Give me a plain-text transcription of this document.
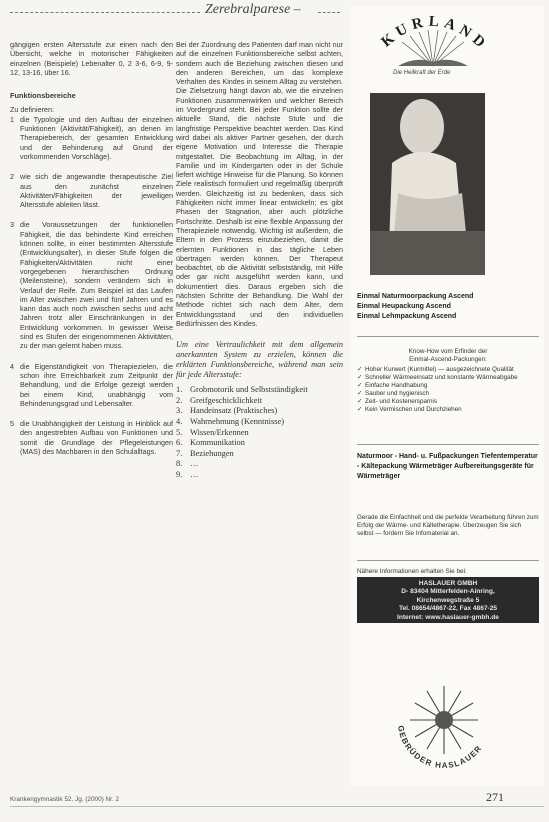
Zerebralparese –

gängigen ersten Altersstufe zur einen nach den Übersicht, welche in motorischer Fähigkeiten einzelnen (Beispiele) Lebenalter 0, 2 3-6, 6-9, 9-12, 13-16, über 16.

Funktionsbereiche

Zu definieren:

1 die Typologie und den Aufbau der einzelnen Funktionen (Aktivität/Fähigkeit), an denen im Therapiebereich, der gesamten Entwicklung und der Behinderung auf Grund der vorkommenden Vorschläge).
2 wie sich die angewandte therapeutische Ziel aus den zunächst einzelnen Aktivitäten/Fähigkeiten der jeweiligen Altersstufe ableiten lässt.
3 die Voraussetzungen der funktionellen Fähigkeit, die das behinderte Kind erreichen können sollte, in einer bestimmten Altersstufe (Entwicklungsalter), in dieser Stufe folgen die Fähigkeiten/Aktivitäten nicht einer vorgegebenen hierarchischen Ordnung (Meilensteine), sondern verändern sich in Verlauf der Reife. Zum Beispiel ist das Laufen im Alter zwischen zwei und fünf Jahren und es kann das auch noch zwischen sechs und acht Jahren trotz aller Einschränkungen in der Entwicklung vorkommen. In gewisser Weise sind es Stufen der eingenommenen Aktivitäten, zu der man gelernt haben muss.
4 die Eigenständigkeit von Therapiezielen, die schon ihre Erreichbarkeit zum Zeitpunkt der Behandlung, und die Erfolge gezeigt werden bei einem Kind, unabhängig vom Behinderungsgrad und Lebensalter.
5 die Unabhängigkeit der Leistung in Hinblick auf den angestrebten Aufbau von Funktionen und somit die Grundlage der Pflegeleistungen (MAS) des Machbaren in den Schulalltags.

Bei der Zuordnung des Patienten darf man nicht nur auf die einzelnen Funktionsbereiche selbst achten, sondern auch die Beziehung zwischen diesen und den anderen Bereichen, um das komplexe Verhalten des Kindes in seinem Alltag zu verstehen. Die Zielsetzung hängt davon ab, wie die einzelnen Funktionen zusammenwirken und welcher Bereich im Vordergrund steht. Bei jeder Funktion sollte der aktuelle Stand, die nächste Stufe und die langfristige Perspektive beachtet werden. Das Kind wird dabei als aktiver Partner gesehen, der durch eigene Motivation und Interesse die Therapie mitgestaltet. Die Beobachtung im Alltag, in der Familie und im Kindergarten oder in der Schule liefert wichtige Hinweise für die Planung. So können Ziele realistisch formuliert und regelmäßig überprüft werden. Gleichzeitig ist zu bedenken, dass sich Fähigkeiten nicht immer linear entwickeln; es gibt Phasen der Stagnation, aber auch plötzliche Fortschritte. Deshalb ist eine flexible Anpassung der Therapieziele notwendig. Wichtig ist außerdem, die Eltern in den Prozess einzubeziehen, damit die erlernten Funktionen in das tägliche Leben übertragen werden können. Der Therapeut beobachtet, ob die Aktivität selbstständig, mit Hilfe oder gar nicht ausgeführt werden kann, und dokumentiert dies. Daraus ergeben sich die nächsten Schritte der Behandlung. Die Wahl der Methode richtet sich nach dem Alter, dem Entwicklungsstand und den individuellen Bedürfnissen des Kindes.

Um eine Vertraulichkeit mit dem allgemein anerkannten System zu erzielen, können die erklärten Funktionsbereiche, während man sein für jede Altersstufe:

1. Grobmotorik und Selbstständigkeit
2. Greifgeschicklichkeit
3. Handeinsatz (Praktisches)
4. Wahrnehmung (Kenntnisse)
5. Wissen/Erkennen
6. Kommunikation
7. Beziehungen
8. …
9. …
KURLAND
Die Heilkraft der Erde
Einmal Naturmoorpackung Ascend
Einmal Heupackung Ascend
Einmal Lehmpackung Ascend
Know-How vom Erfinder der
Einmal-Ascend-Packungen:
✓ Hoher Kurwert (Kurmittel) — ausgezeichnete Qualität
✓ Schneller Wärmeeinsatz und konstante Wärmeabgabe
✓ Einfache Handhabung
✓ Sauber und hygienisch
✓ Zeit- und Kostenersparnis
✓ Kein Vermischen und Durchziehen
Naturmoor - Hand- u. Fußpackungen Tiefentemperatur - Kältepackung Wärmeträger Aufbereitungsgeräte für Wärmeträger
Gerade die Einfachheit und die perfekte Verarbeitung führen zum Erfolg der Wärme- und Kältetherapie. Überzeugen Sie sich selbst — fordern Sie Infomaterial an.
Nähere Informationen erhalten Sie bei:
HASLAUER GMBH
D- 83404 Mitterfelden-Ainring,
Kirchenwegstraße 5
Tel. 08654/4867-22, Fax 4867-25
Internet: www.haslauer-gmbh.de
GEBRÜDER HASLAUER
Krankengymnastik 52. Jg. (2000) Nr. 2	271
